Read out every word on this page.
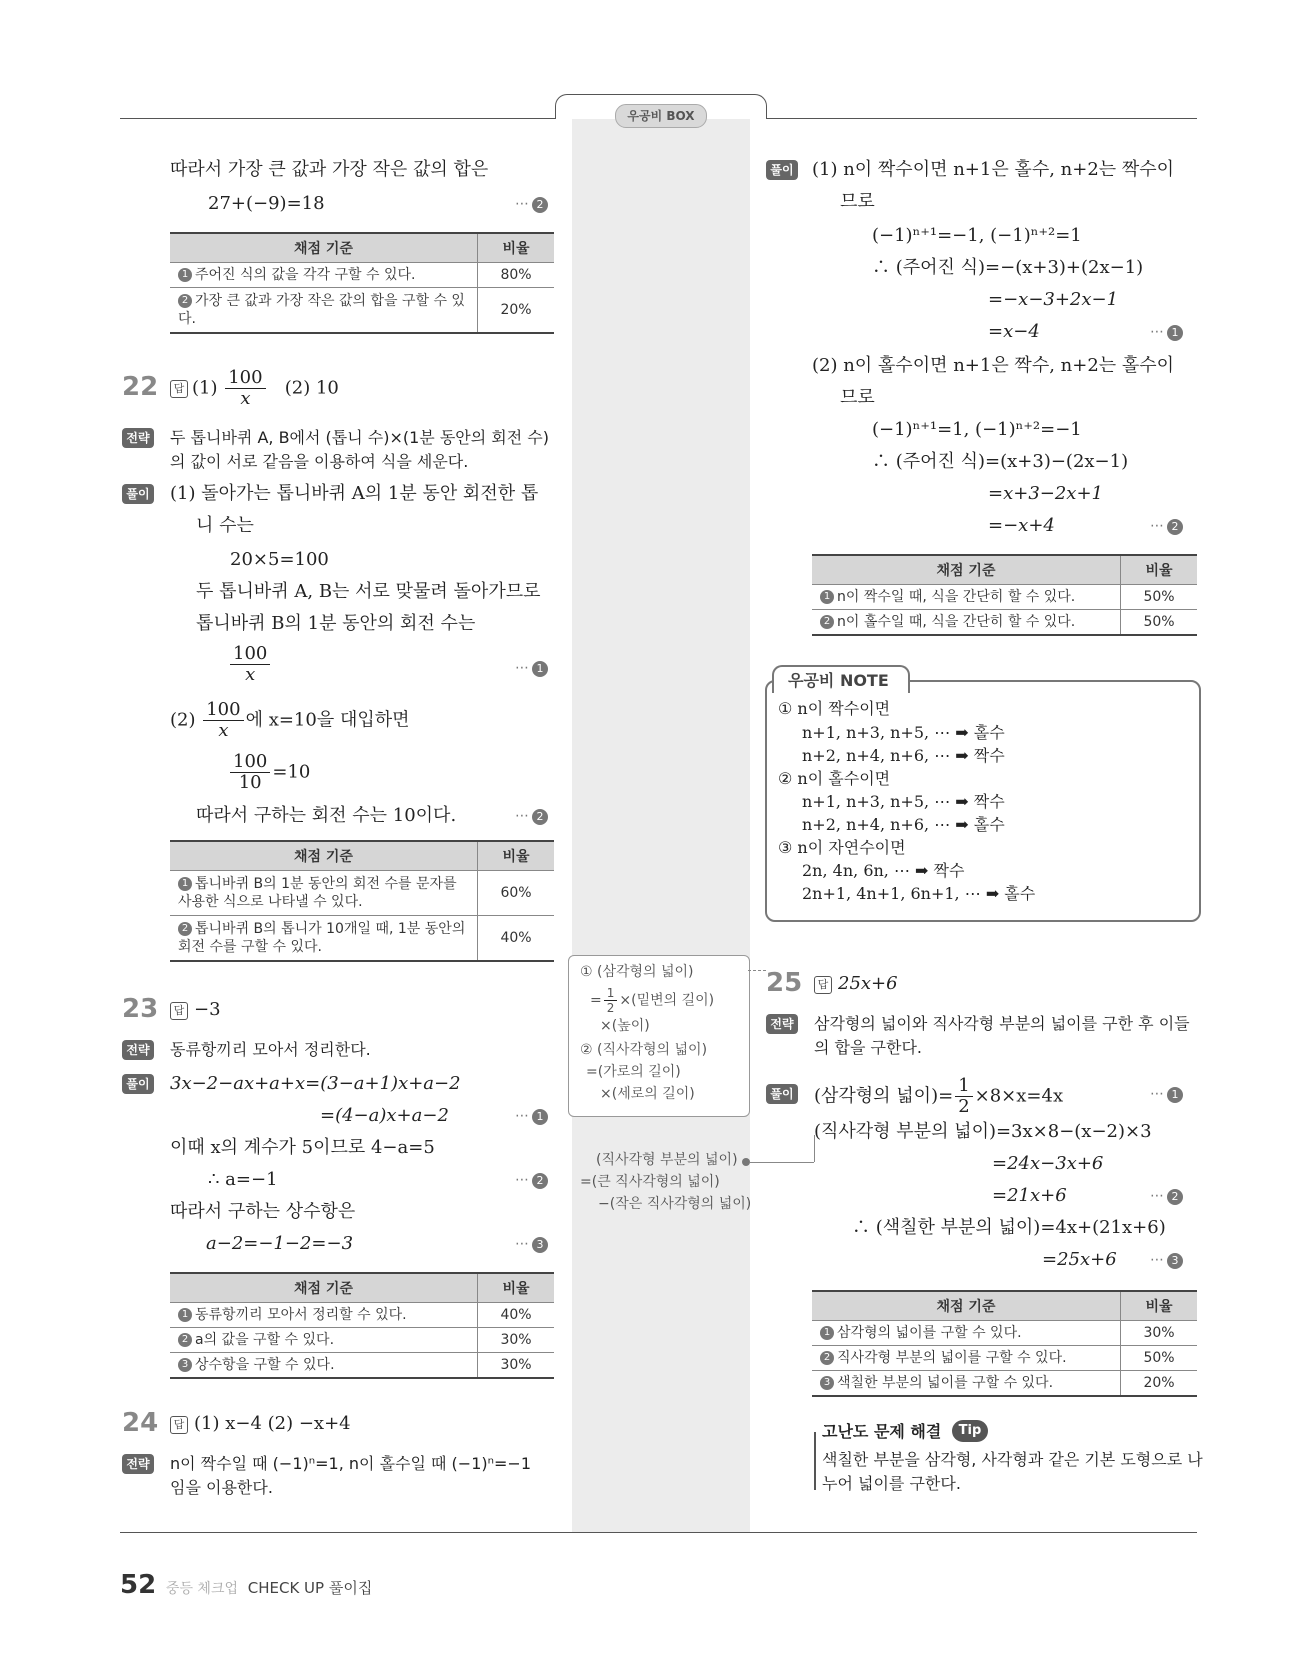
우공비 BOX
따라서 가장 큰 값과 가장 작은 값의 합은
27+(−9)=18	⋯ 2
채점 기준	비율
1 주어진 식의 값을 각각 구할 수 있다.	80%
2 가장 큰 값과 가장 작은 값의 합을 구할 수 있다.	20%
22	답 $(1) \frac{100}{x} (2)$ 10
전략 두 톱니바퀴 A, B에서 (톱니 수)×(1분 동안의 회전 수)
의 값이 서로 같음을 이용하여 식을 세운다.
풀이 (1) 돌아가는 톱니바퀴 A의 1분 동안 회전한 톱
니 수는
20×5=100
두 톱니바퀴 A, B는 서로 맞물려 돌아가므로
톱니바퀴 B의 1분 동안의 회전 수는
$\frac{100}{x}$	⋯ 1
$(2) \frac{100}{x}$ 에 x=10을 대입하면
$\frac{100}{10} =10$
따라서 구하는 회전 수는 10이다.	⋯ 2
채점 기준	비율
1 톱니바퀴 B의 1분 동안의 회전 수를 문자를 사용한 식으로 나타낼 수 있다.	60%
2 톱니바퀴 B의 톱니가 10개일 때, 1분 동안의 회전 수를 구할 수 있다.	40%
23	답 −3
전략 동류항끼리 모아서 정리한다.
풀이 3x−2−ax+a+x=(3−a+1)x+a−2
=(4−a)x+a−2	⋯ 1
이때 x의 계수가 5이므로 4−a=5
∴ a=−1	⋯ 2
따라서 구하는 상수항은
a−2=−1−2=−3	⋯ 3
채점 기준	비율
1 동류항끼리 모아서 정리할 수 있다.	40%
2 a의 값을 구할 수 있다.	30%
3 상수항을 구할 수 있다.	30%
24	답 (1) x−4 (2) −x+4
전략 n이 짝수일 때 (−1)ⁿ=1, n이 홀수일 때 (−1)ⁿ=−1
임을 이용한다.
① (삼각형의 넓이)
= $\frac{1}{2}$ ×(밑변의 길이)
×(높이)
② (직사각형의 넓이)
=(가로의 길이)
×(세로의 길이)
(직사각형 부분의 넓이)
=(큰 직사각형의 넓이)
−(작은 직사각형의 넓이)
풀이 (1) n이 짝수이면 n+1은 홀수, n+2는 짝수이
므로
(−1)ⁿ⁺¹=−1, (−1)ⁿ⁺²=1
∴ (주어진 식)=−(x+3)+(2x−1)
=−x−3+2x−1
=x−4	⋯ 1
(2) n이 홀수이면 n+1은 짝수, n+2는 홀수이
므로
(−1)ⁿ⁺¹=1, (−1)ⁿ⁺²=−1
∴ (주어진 식)=(x+3)−(2x−1)
=x+3−2x+1
=−x+4	⋯ 2
채점 기준	비율
1 n이 짝수일 때, 식을 간단히 할 수 있다.	50%
2 n이 홀수일 때, 식을 간단히 할 수 있다.	50%
우공비 NOTE
① n이 짝수이면
n+1, n+3, n+5, ⋯ ➡ 홀수
n+2, n+4, n+6, ⋯ ➡ 짝수
② n이 홀수이면
n+1, n+3, n+5, ⋯ ➡ 짝수
n+2, n+4, n+6, ⋯ ➡ 홀수
③ n이 자연수이면
2n, 4n, 6n, ⋯ ➡ 짝수
2n+1, 4n+1, 6n+1, ⋯ ➡ 홀수
25	답 25x+6
전략 삼각형의 넓이와 직사각형 부분의 넓이를 구한 후 이들
의 합을 구한다.
풀이 (삼각형의 넓이)= $\frac{1}{2} \times 8\times x=4x$	⋯ 1
(직사각형 부분의 넓이)=3x×8−(x−2)×3
=24x−3x+6
=21x+6	⋯ 2
∴ (색칠한 부분의 넓이)=4x+(21x+6)
=25x+6 ⋯ 3
채점 기준	비율
1 삼각형의 넓이를 구할 수 있다.	30%
2 직사각형 부분의 넓이를 구할 수 있다.	50%
3 색칠한 부분의 넓이를 구할 수 있다.	20%
고난도 문제 해결	Tip
색칠한 부분을 삼각형, 사각형과 같은 기본 도형으로 나
누어 넓이를 구한다.
52 중등 체크업 CHECK UP 풀이집
